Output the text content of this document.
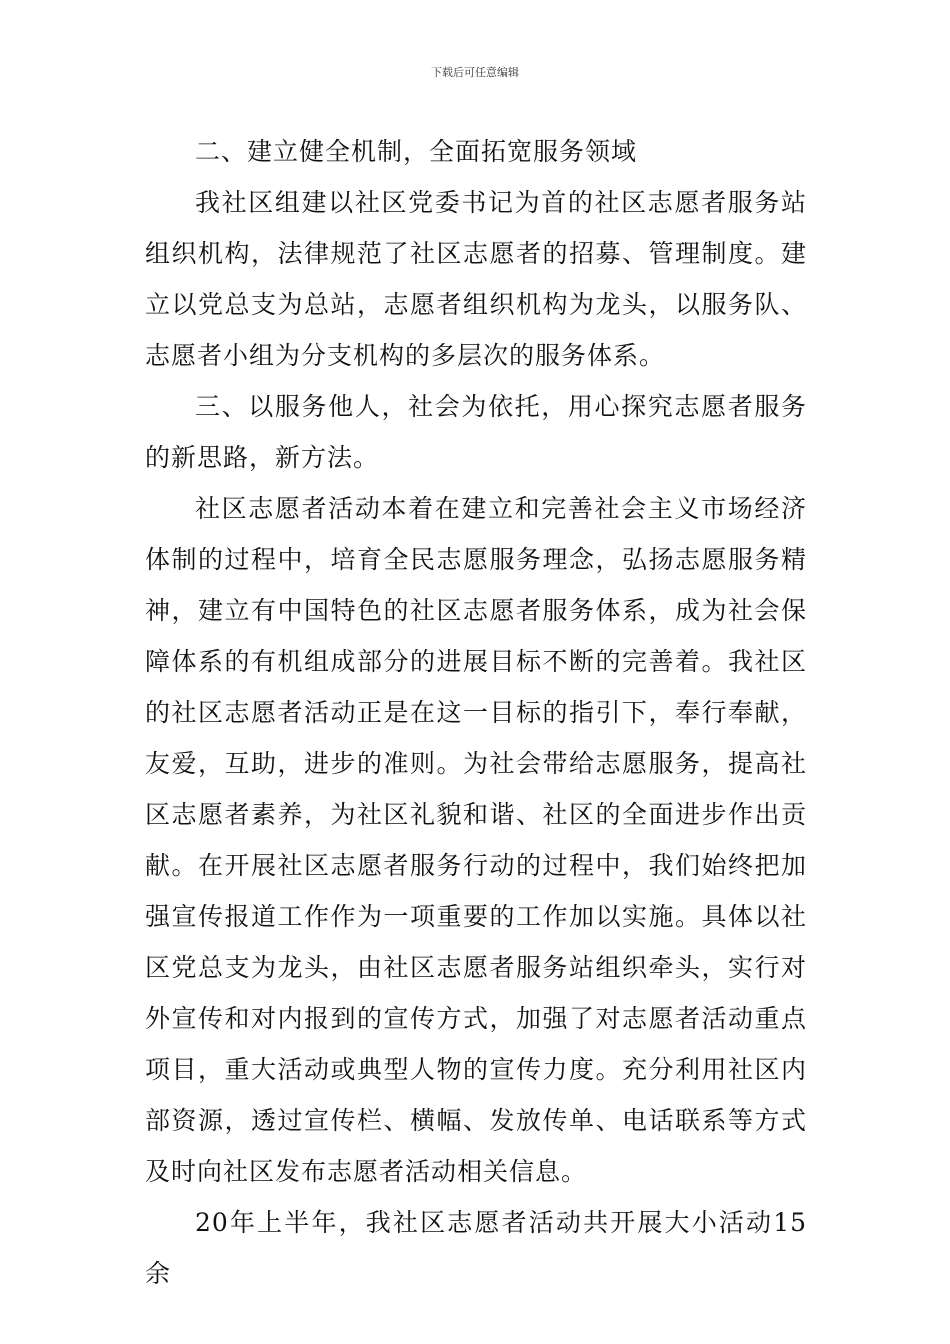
下载后可任意编辑

二、建立健全机制，全面拓宽服务领域

我社区组建以社区党委书记为首的社区志愿者服务站组织机构，法律规范了社区志愿者的招募、管理制度。建立以党总支为总站，志愿者组织机构为龙头，以服务队、志愿者小组为分支机构的多层次的服务体系。

三、以服务他人，社会为依托，用心探究志愿者服务的新思路，新方法。

社区志愿者活动本着在建立和完善社会主义市场经济体制的过程中，培育全民志愿服务理念，弘扬志愿服务精神，建立有中国特色的社区志愿者服务体系，成为社会保障体系的有机组成部分的进展目标不断的完善着。我社区的社区志愿者活动正是在这一目标的指引下，奉行奉献，友爱，互助，进步的准则。为社会带给志愿服务，提高社区志愿者素养，为社区礼貌和谐、社区的全面进步作出贡献。在开展社区志愿者服务行动的过程中，我们始终把加强宣传报道工作作为一项重要的工作加以实施。具体以社区党总支为龙头，由社区志愿者服务站组织牵头，实行对外宣传和对内报到的宣传方式，加强了对志愿者活动重点项目，重大活动或典型人物的宣传力度。充分利用社区内部资源，透过宣传栏、横幅、发放传单、电话联系等方式及时向社区发布志愿者活动相关信息。

20年上半年，我社区志愿者活动共开展大小活动15余
